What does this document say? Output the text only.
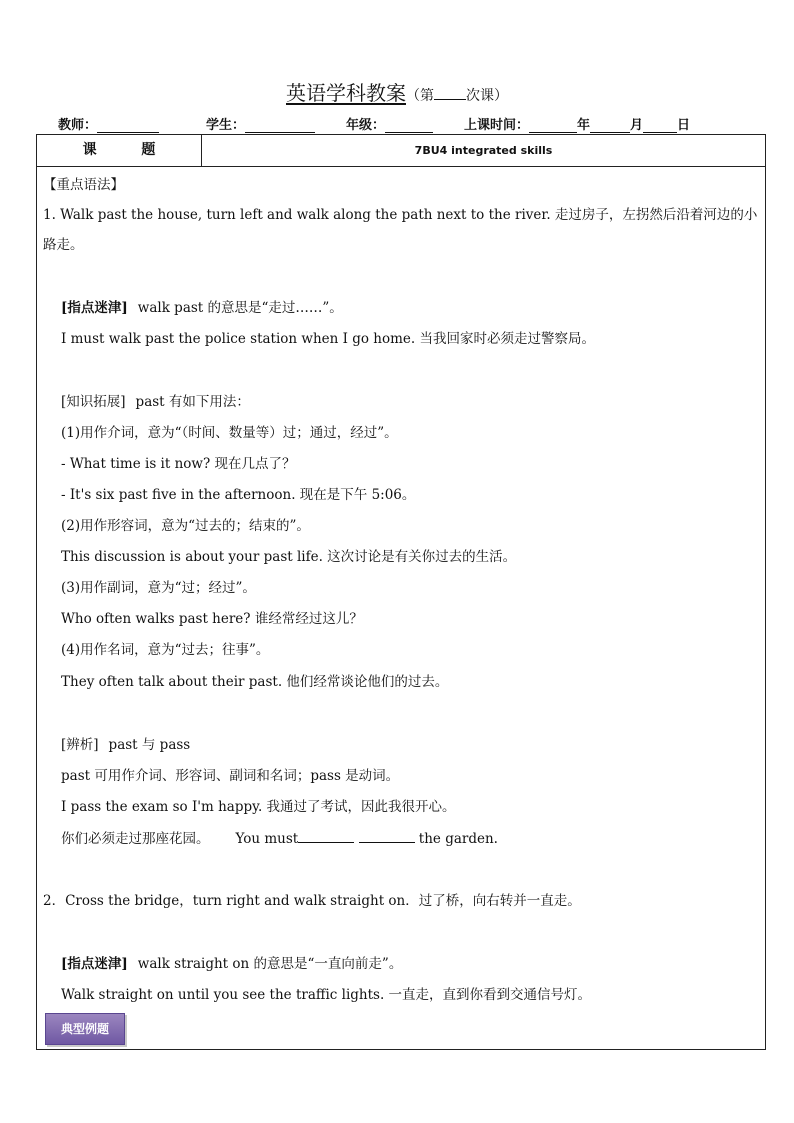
英语学科教案（第 次课）
教师：	学生：	年级：	上课时间：	年	月	日
课 题	7BU4 integrated skills
【重点语法】
1. Walk past the house, turn left and walk along the path next to the river. 走过房子，左拐然后沿着河边的小
路走。
[指点迷津] walk past 的意思是“走过……”。
I must walk past the police station when I go home. 当我回家时必须走过警察局。
[知识拓展] past 有如下用法：
(1)用作介词，意为“（时间、数量等）过；通过，经过”。
- What time is it now? 现在几点了？
- It's six past five in the afternoon. 现在是下午 5:06。
(2)用作形容词，意为“过去的；结束的”。
This discussion is about your past life. 这次讨论是有关你过去的生活。
(3)用作副词，意为“过；经过”。
Who often walks past here? 谁经常经过这儿？
(4)用作名词，意为“过去；往事”。
They often talk about their past. 他们经常谈论他们的过去。
[辨析] past 与 pass
past 可用作介词、形容词、副词和名词；pass 是动词。
I pass the exam so I'm happy. 我通过了考试，因此我很开心。
你们必须走过那座花园。 You must	the garden.
2．Cross the bridge，turn right and walk straight on．过了桥，向右转并一直走。
[指点迷津] walk straight on 的意思是“一直向前走”。
Walk straight on until you see the traffic lights. 一直走，直到你看到交通信号灯。
典型例题
